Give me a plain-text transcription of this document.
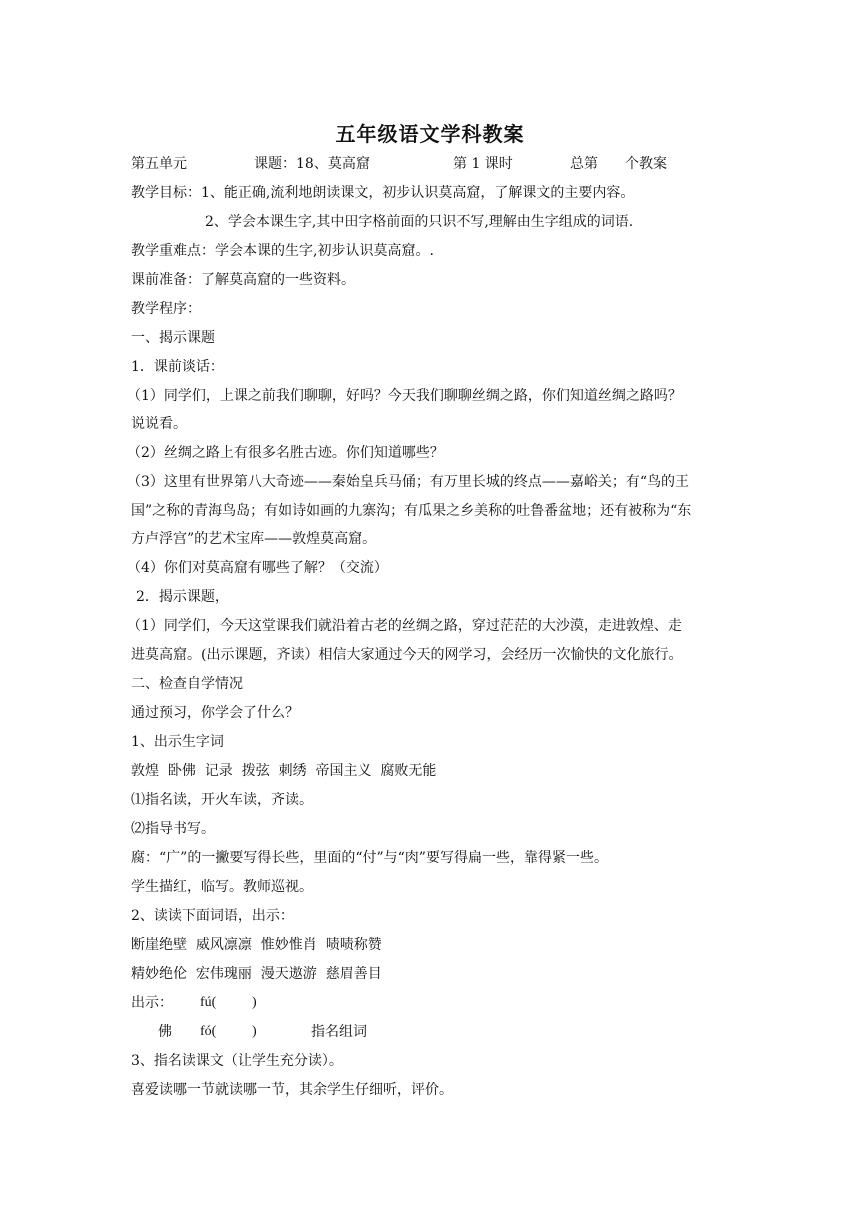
五年级语文学科教案
第五单元	课题：18、莫高窟	第 1 课时	总第 个教案
教学目标：1、能正确,流利地朗读课文，初步认识莫高窟，了解课文的主要内容。
2、学会本课生字,其中田字格前面的只识不写,理解由生字组成的词语.
教学重难点：学会本课的生字,初步认识莫高窟。.
课前准备：了解莫高窟的一些资料。
教学程序：
一、揭示课题
1．课前谈话：
（1）同学们，上课之前我们聊聊，好吗？今天我们聊聊丝绸之路，你们知道丝绸之路吗？
说说看。
（2）丝绸之路上有很多名胜古迹。你们知道哪些？
（3）这里有世界第八大奇迹——秦始皇兵马俑；有万里长城的终点——嘉峪关；有“鸟的王
国”之称的青海鸟岛；有如诗如画的九寨沟；有瓜果之乡美称的吐鲁番盆地；还有被称为“东
方卢浮宫”的艺术宝库——敦煌莫高窟。
（4）你们对莫高窟有哪些了解？（交流）
2．揭示课题，
（1）同学们，今天这堂课我们就沿着古老的丝绸之路，穿过茫茫的大沙漠，走进敦煌、走
进莫高窟。(出示课题，齐读）相信大家通过今天的网学习，会经历一次愉快的文化旅行。
二、检查自学情况
通过预习，你学会了什么？
1、出示生字词
敦煌  卧佛  记录  拨弦  刺绣  帝国主义  腐败无能
⑴指名读，开火车读，齐读。
⑵指导书写。
腐：“广”的一撇要写得长些，里面的“付”与“肉”要写得扁一些，靠得紧一些。
学生描红，临写。教师巡视。
2、读读下面词语，出示：
断崖绝壁  威风凛凛  惟妙惟肖  啧啧称赞
精妙绝伦  宏伟瑰丽  漫天遨游  慈眉善目
出示： fú(	)
佛 fó(	)	指名组词
3、指名读课文（让学生充分读）。
喜爱读哪一节就读哪一节，其余学生仔细听，评价。
